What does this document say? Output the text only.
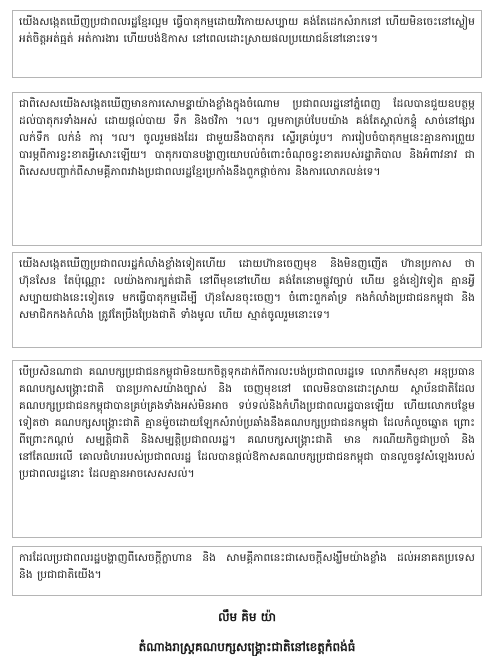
យើងសង្កេតឃើញប្រជាពលរដ្ឋខ្មែរល្អម ធ្វើបាតុកម្មដោយវិកោយសប្បាយ គង់តែដេកសំរាកនៅ ហើយមិនចេះនៅស្ងៀម អត់ចិត្តអត់ធ្មត់ អត់ការងារ ហើយបង់ឱកាស នៅពេលដោះស្រាយផលប្រយោជន៍នៅនោះទេ។
ជាពិសេសយើងសង្កេតឃើញមានការសោមន្ទ្តាយ៉ាងខ្លាំងក្នុងចំណោម ប្រជាពលរដ្ឋនៅភ្នំពេញ ដែលបានជួយឧបត្ថម្ភដល់បាតុករទាំងអស់ ដោយផ្តល់បាយ ទឹក និងថវិកា ។ល។ ល្អមកាត្រប់បែបយ៉ាង គង់តែស្គាល់កន្ទុំ សាច់នៅផ្សារ លក់ទឹក លក់នំ ការុ ។ល។ ចូលរួមផងដែរ ជាមួយនឹងបាតុករ ស្ទើរគ្រប់រូប។ ការរៀបចំបាតុកម្មនេះគ្មានការព្រួយបារម្ភពីការខ្វះខាតអ្វីសោះឡើយ។ បាតុករបានបង្ហាញយោបល់ចំពោះចំណុចខ្វះខាតរបស់រដ្ឋាភិបាល និងអំពាវនាវ ជាពិសេសបញ្ចាក់ពីសាមគ្គីភាពរវាងប្រជាពលរដ្ឋខ្មែរប្រកាំងនឹងពួកផ្តាច់ការ និងការលោភលន់ទេ។
យើងសង្កេតឃើញប្រជាពលរដ្ឋកំលាំងខ្លាំងទៀតហើយ ដោយហ៊ានចេញមុខ និងមិនញញើត ហ៊ានប្រកាស ថា ហ៊ុនសែន តែប៉ុណ្ណោះ លយ៉ាងការក្បត់ជាតិ នៅពីមុខនៅហើយ គង់តែនោមផ្លូវច្បាប់ ហើយ ខ្ទង់ខៀវទៀត គ្មានអ្វីសប្បាយជាងនេះទៀតទេ មកធ្វើបាតុកម្មដើម្បី ហ៊ុនសែនចុះចេញ។ ចំពោះពួកគាំទ្រ កងកំលាំងប្រជាជនកម្ពុជា និង សមាជិកកងកំលាំង ត្រូវតែប្រឹងប្រែងជាតិ ទាំងមូល ហើយ ស្មាត់ចូលរួមនោះទេ។
បើប្រសិនណាជា គណបក្សប្រជាជនកម្ពុជាមិនយកចិត្តទុកដាក់ពីការលះបង់ប្រជាពលរដ្ឋទេ លោកកឹមសុខា អនុប្រធានគណបក្សសង្គ្រោះជាតិ បានប្រកាសយ៉ាងច្បាស់ និង ចេញមុខនៅ ពេលមិនបានដោះស្រាយ ស្ថាប័នជាតិដែល គណបក្សប្រជាជនកម្ពុជាបានគ្រប់គ្រងទាំងអស់មិនអាច ទប់ទល់និងកំហឹងប្រជាពលរដ្ឋបានឡើយ ហើយលោកបន្ថែមទៀតថា គណបក្សសង្គ្រោះជាតិ គ្មានម៉ូចដោយឡែកសំរាប់ប្រឆាំងនឹងគណបក្សប្រជាជនកម្ពុជា ដែលកំលួចឆ្នោត ព្រោះពីព្រោះកណ្តប់ សម្បត្តិជាតិ និងសម្បត្តិប្រជាពលរដ្ឋ។ គណបក្សសង្គ្រោះជាតិ មាន ករណីយកិច្ចជាប្រចាំ និងនៅតែឈរលើ គោលជំហររបស់ប្រជាពលរដ្ឋ ដែលបានផ្តល់ឱកាសគណបក្សប្រជាជនកម្ពុជា បានលួចនូវសំឡេងរបស់ប្រជាពលរដ្ឋនោះ ដែលគ្មានអាចសេសសល់។
ការដែលប្រជាពលរដ្ឋបង្ហាញពីសេចក្តីក្លាហាន និង សាមគ្គីភាពនេះជាសេចក្តីសង្ឃឹមយ៉ាងខ្លាំង ដល់អនាគតប្រទេស និង ប្រជាជាតិយើង។
លឹម គិម យ៉ា
តំណាងរាស្ត្រគណបក្សសង្គ្រោះជាតិនៅខេត្តកំពង់ធំ
